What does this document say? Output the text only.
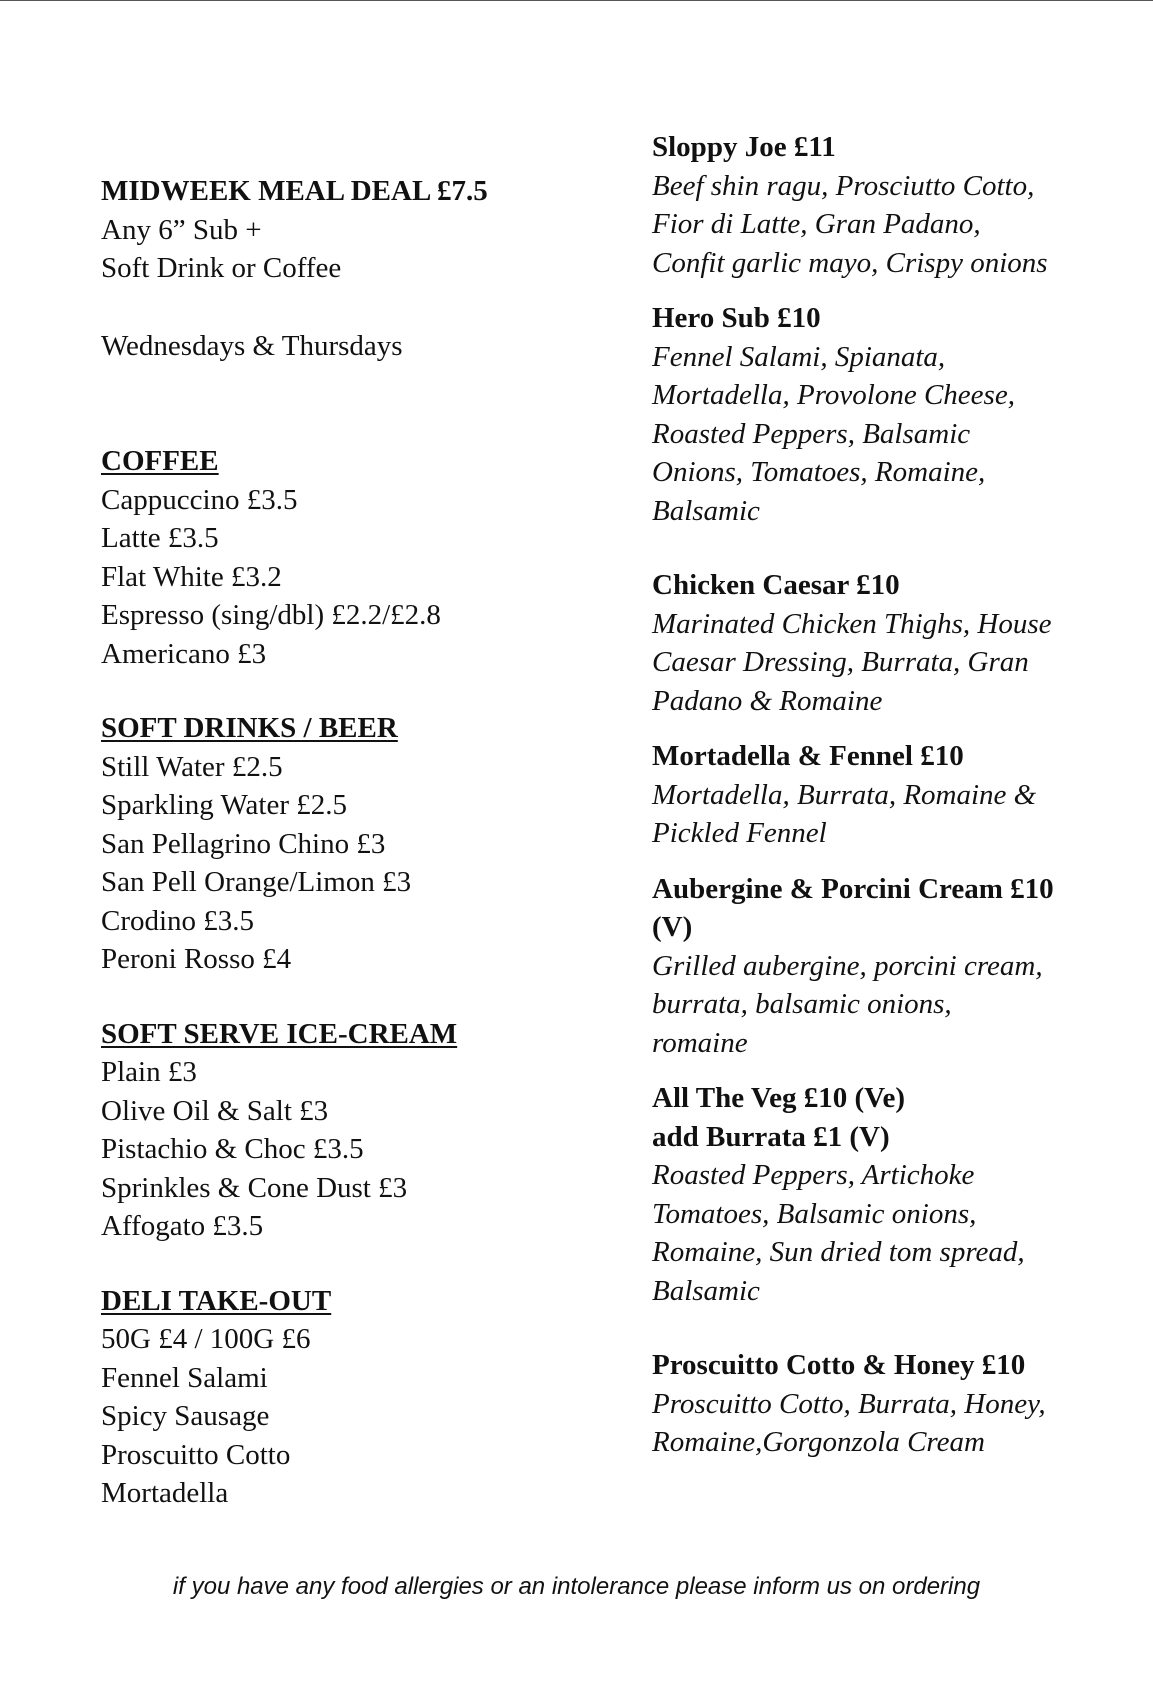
MIDWEEK MEAL DEAL £7.5
Any 6” Sub +
Soft Drink or Coffee
Wednesdays & Thursdays
COFFEE
Cappuccino £3.5
Latte £3.5
Flat White £3.2
Espresso (sing/dbl) £2.2/£2.8
Americano £3
SOFT DRINKS / BEER
Still Water £2.5
Sparkling Water £2.5
San Pellagrino Chino £3
San Pell Orange/Limon £3
Crodino £3.5
Peroni Rosso £4
SOFT SERVE ICE-CREAM
Plain £3
Olive Oil & Salt £3
Pistachio & Choc £3.5
Sprinkles & Cone Dust £3
Affogato £3.5
DELI TAKE-OUT
50G £4 / 100G £6
Fennel Salami
Spicy Sausage
Proscuitto Cotto
Mortadella
Sloppy Joe £11
Beef shin ragu, Prosciutto Cotto,
Fior di Latte, Gran Padano,
Confit garlic mayo, Crispy onions
Hero Sub £10
Fennel Salami, Spianata,
Mortadella, Provolone Cheese,
Roasted Peppers, Balsamic
Onions, Tomatoes, Romaine,
Balsamic
Chicken Caesar £10
Marinated Chicken Thighs, House
Caesar Dressing, Burrata, Gran
Padano & Romaine
Mortadella & Fennel £10
Mortadella, Burrata, Romaine &
Pickled Fennel
Aubergine & Porcini Cream £10
(V)
Grilled aubergine, porcini cream,
burrata, balsamic onions,
romaine
All The Veg £10 (Ve)
add Burrata £1 (V)
Roasted Peppers, Artichoke
Tomatoes, Balsamic onions,
Romaine, Sun dried tom spread,
Balsamic
Proscuitto Cotto & Honey £10
Proscuitto Cotto, Burrata, Honey,
Romaine,Gorgonzola Cream
if you have any food allergies or an intolerance please inform us on ordering
